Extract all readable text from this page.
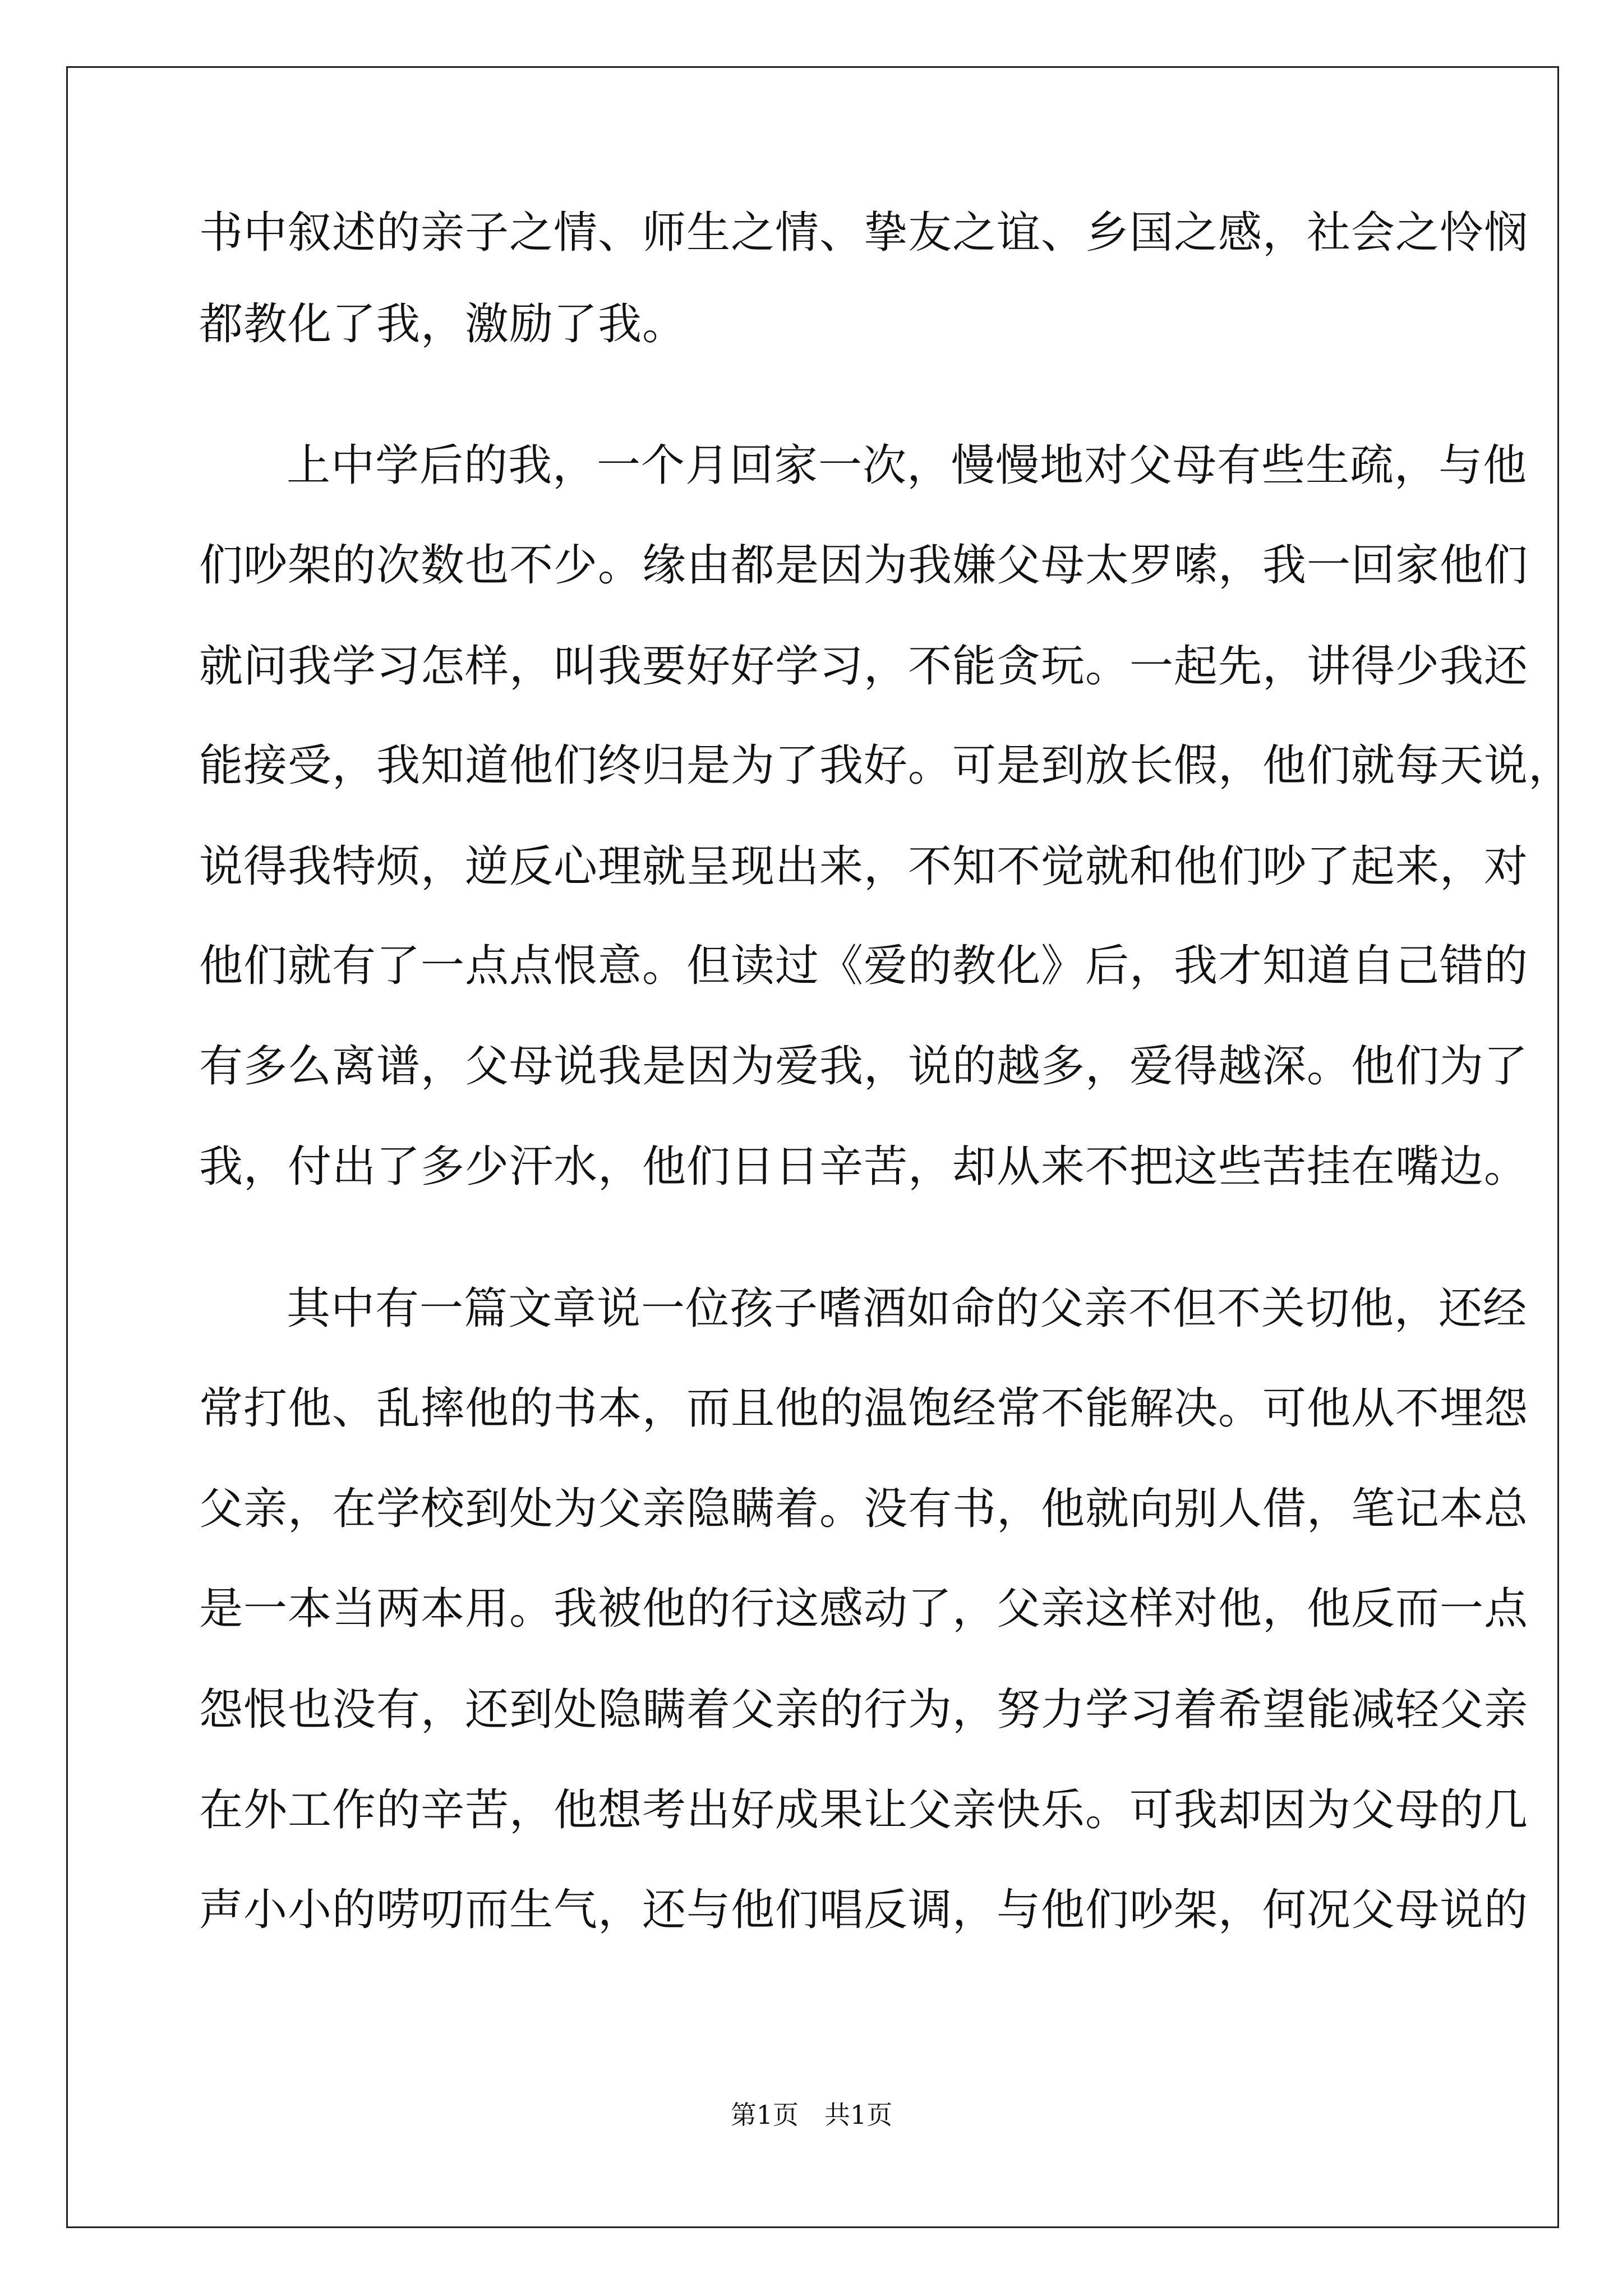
书中叙述的亲子之情、师生之情、挚友之谊、乡国之感，社会之怜悯
都教化了我，激励了我。
上中学后的我，一个月回家一次，慢慢地对父母有些生疏，与他
们吵架的次数也不少。缘由都是因为我嫌父母太罗嗦，我一回家他们
就问我学习怎样，叫我要好好学习，不能贪玩。一起先，讲得少我还
能接受，我知道他们终归是为了我好。可是到放长假，他们就每天说，
说得我特烦，逆反心理就呈现出来，不知不觉就和他们吵了起来，对
他们就有了一点点恨意。但读过《爱的教化》后，我才知道自己错的
有多么离谱，父母说我是因为爱我，说的越多，爱得越深。他们为了
我，付出了多少汗水，他们日日辛苦，却从来不把这些苦挂在嘴边。
其中有一篇文章说一位孩子嗜酒如命的父亲不但不关切他，还经
常打他、乱摔他的书本，而且他的温饱经常不能解决。可他从不埋怨
父亲，在学校到处为父亲隐瞒着。没有书，他就向别人借，笔记本总
是一本当两本用。我被他的行这感动了，父亲这样对他，他反而一点
怨恨也没有，还到处隐瞒着父亲的行为，努力学习着希望能减轻父亲
在外工作的辛苦，他想考出好成果让父亲快乐。可我却因为父母的几
声小小的唠叨而生气，还与他们唱反调，与他们吵架，何况父母说的
第1页　共1页
